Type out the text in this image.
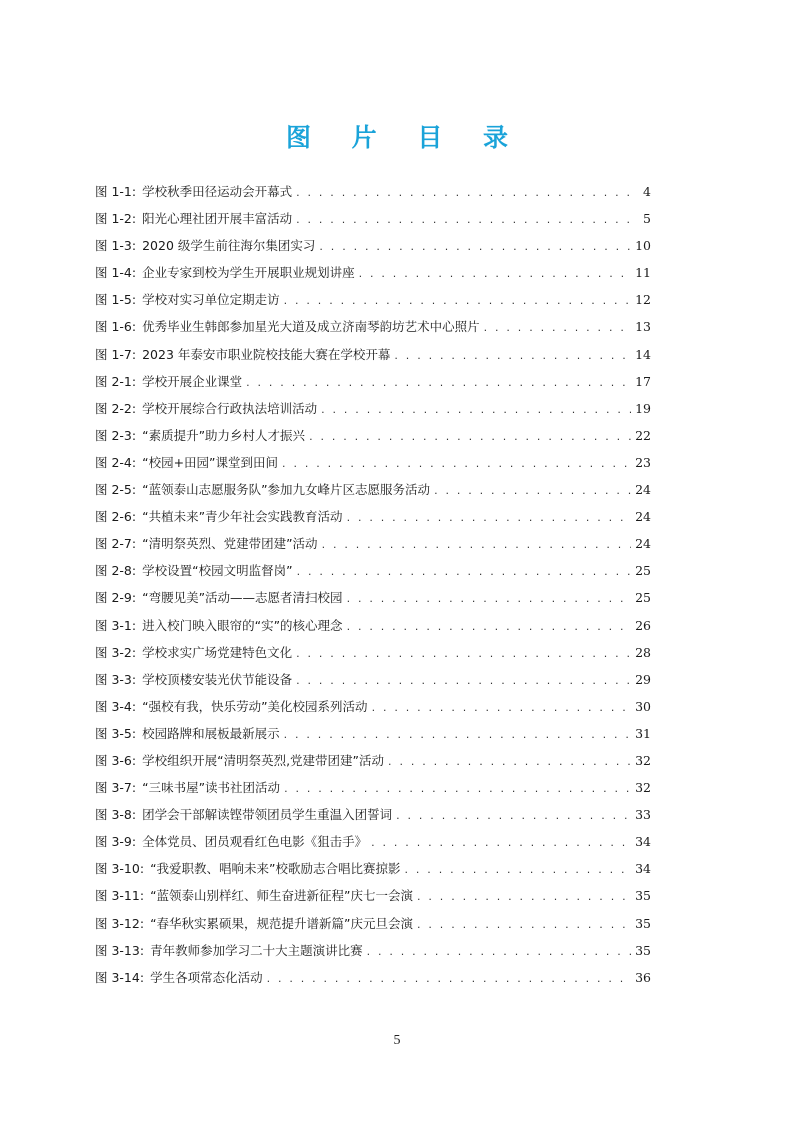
图 片 目 录
图 1-1: 学校秋季田径运动会开幕式 . . .	4
图 1-2: 阳光心理社团开展丰富活动 . . .	5
图 1-3: 2020 级学生前往海尔集团实习 . . .	10
图 1-4: 企业专家到校为学生开展职业规划讲座 . . .	11
图 1-5: 学校对实习单位定期走访 . . .	12
图 1-6: 优秀毕业生韩郎参加星光大道及成立济南琴韵坊艺术中心照片 . . .	13
图 1-7: 2023 年泰安市职业院校技能大赛在学校开幕 . . .	14
图 2-1: 学校开展企业课堂 . . .	17
图 2-2: 学校开展综合行政执法培训活动 . . .	19
图 2-3: “素质提升”助力乡村人才振兴 . . .	22
图 2-4: “校园+田园”课堂到田间 . . .	23
图 2-5: “蓝领泰山志愿服务队”参加九女峰片区志愿服务活动 . . .	24
图 2-6: “共植未来”青少年社会实践教育活动 . . .	24
图 2-7: “清明祭英烈、党建带团建”活动 . . .	24
图 2-8: 学校设置“校园文明监督岗” . . .	25
图 2-9: “弯腰见美”活动——志愿者清扫校园 . . .	25
图 3-1: 进入校门映入眼帘的“实”的核心理念 . . .	26
图 3-2: 学校求实广场党建特色文化 . . .	28
图 3-3: 学校顶楼安装光伏节能设备 . . .	29
图 3-4: “强校有我，快乐劳动”美化校园系列活动 . . .	30
图 3-5: 校园路牌和展板最新展示 . . .	31
图 3-6: 学校组织开展“清明祭英烈,党建带团建”活动 . . .	32
图 3-7: “三味书屋”读书社团活动 . . .	32
图 3-8: 团学会干部解读铿带领团员学生重温入团誓词 . . .	33
图 3-9: 全体党员、团员观看红色电影《狙击手》 . . .	34
图 3-10: “我爱职教、唱响未来”校歌励志合唱比赛掠影 . . .	34
图 3-11: “蓝领泰山别样红、师生奋进新征程”庆七一会演 . . .	35
图 3-12: “春华秋实累硕果，规范提升谱新篇”庆元旦会演 . . .	35
图 3-13: 青年教师参加学习二十大主题演讲比赛 . . .	35
图 3-14: 学生各项常态化活动 . . .	36
5
